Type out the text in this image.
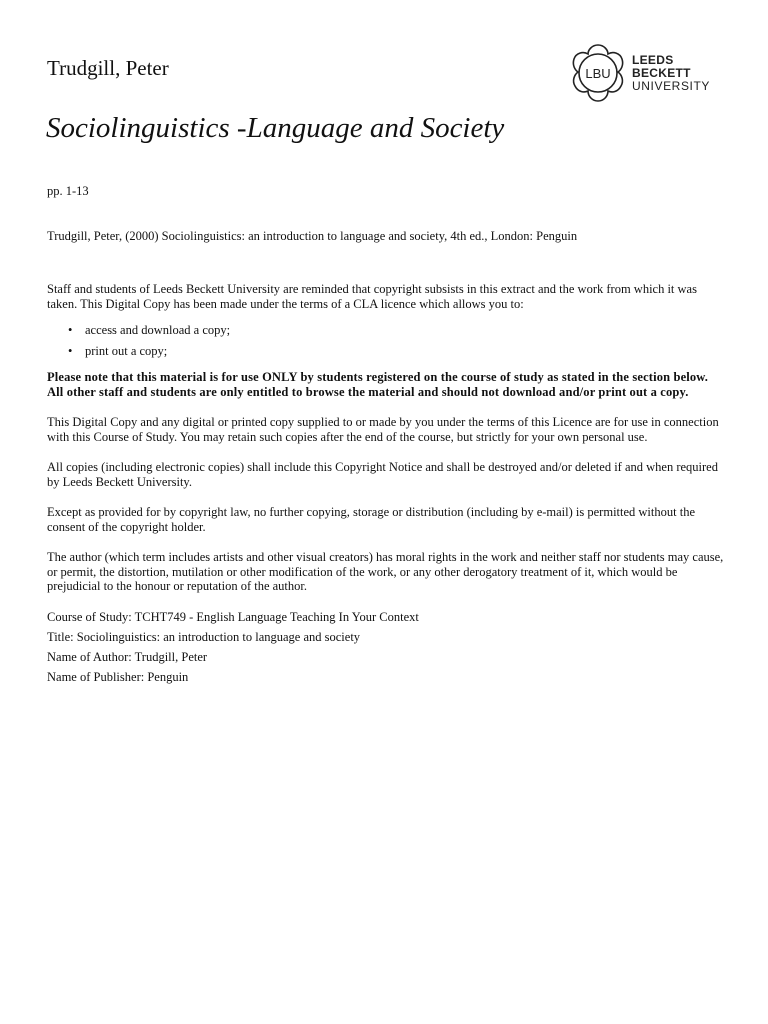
Trudgill, Peter
Sociolinguistics -Language and Society
LBU
LEEDS
BECKETT
UNIVERSITY
pp. 1-13
Trudgill, Peter, (2000) Sociolinguistics: an introduction to language and society, 4th ed., London: Penguin

Staff and students of Leeds Beckett University are reminded that copyright subsists in this extract and the work from which it was taken. This Digital Copy has been made under the terms of a CLA licence which allows you to:

• access and download a copy;
• print out a copy;

Please note that this material is for use ONLY by students registered on the course of study as stated in the section below. All other staff and students are only entitled to browse the material and should not download and/or print out a copy.

This Digital Copy and any digital or printed copy supplied to or made by you under the terms of this Licence are for use in connection with this Course of Study. You may retain such copies after the end of the course, but strictly for your own personal use.

All copies (including electronic copies) shall include this Copyright Notice and shall be destroyed and/or deleted if and when required by Leeds Beckett University.

Except as provided for by copyright law, no further copying, storage or distribution (including by e-mail) is permitted without the consent of the copyright holder.

The author (which term includes artists and other visual creators) has moral rights in the work and neither staff nor students may cause, or permit, the distortion, mutilation or other modification of the work, or any other derogatory treatment of it, which would be prejudicial to the honour or reputation of the author.

Course of Study: TCHT749 - English Language Teaching In Your Context

Title: Sociolinguistics: an introduction to language and society

Name of Author: Trudgill, Peter

Name of Publisher: Penguin
